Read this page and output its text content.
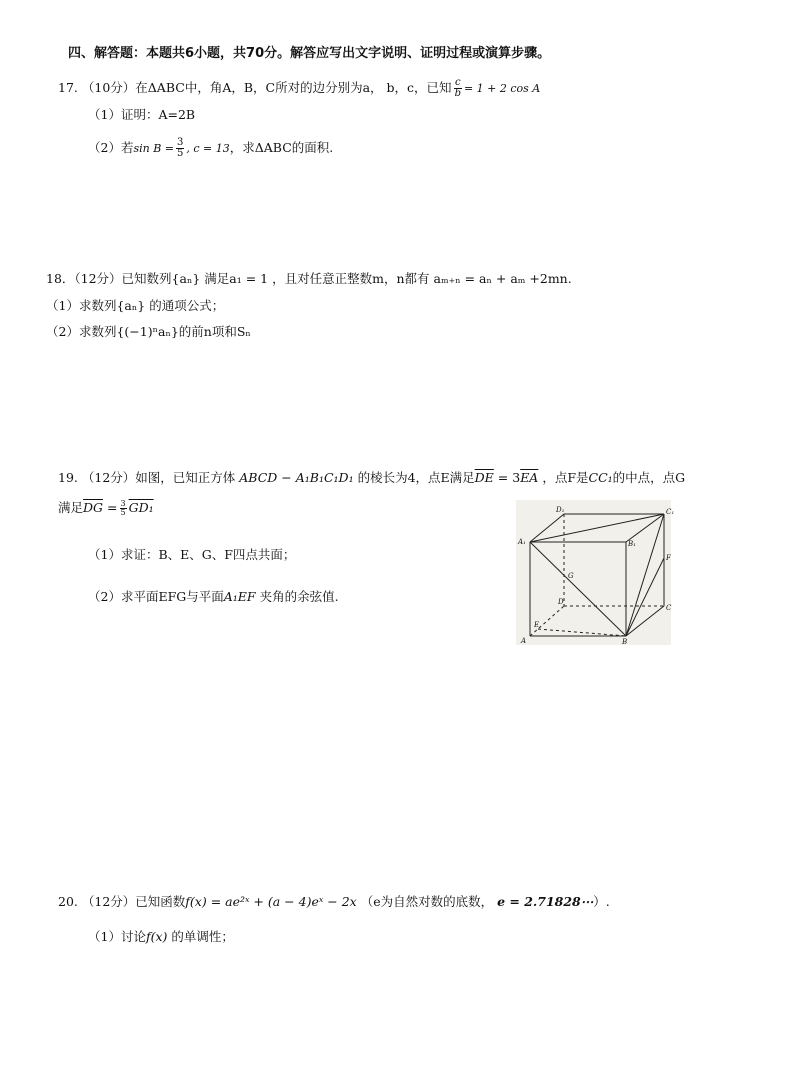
四、解答题：本题共6小题，共70分。解答应写出文字说明、证明过程或演算步骤。
17. （10分）在ΔABC中，角A，B，C所对的边分别为a， b，c，已知 $\frac{c}{b} = 1 + 2$ cos A
（1）证明：A=2B
（2）若$\sin B = \frac{3}{5}$ , c = 13，求ΔABC的面积.
18．（12分）已知数列{aₙ} 满足a₁ = 1 ，且对任意正整数m，n都有 aₘ₊ₙ = aₙ + aₘ +2mn.
（1）求数列{aₙ} 的通项公式；
（2）求数列{(−1)ⁿaₙ}的前n项和Sₙ
19. （12分）如图，已知正方体 ABCD − A₁B₁C₁D₁ 的棱长为4，点E满足$\overline{DE} = 3\overline{EA}$ ，点F是CC₁的中点，点G
满足$\overline{DG} = \frac{3}{5} GD_1$
（1）求证：B、E、G、F四点共面；
（2）求平面EFG与平面A₁EF 夹角的余弦值.
D₁	C₁
A₁	B₁
F
G
D
C
E
A	B
20. （12分）已知函数f(x) = ae²ˣ + (a − 4)eˣ − 2x （e为自然对数的底数， e = 2.71828⋯）.
（1）讨论f(x) 的单调性；
